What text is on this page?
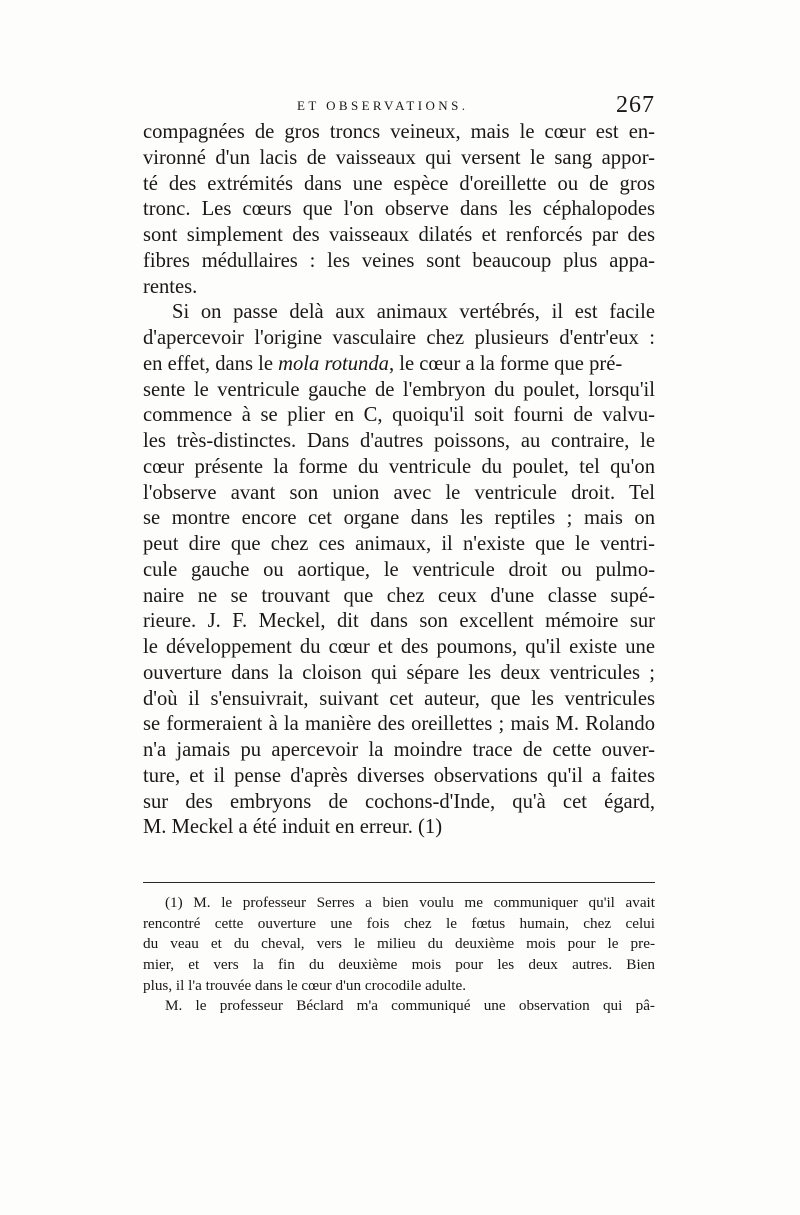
ET OBSERVATIONS.	267
compagnées de gros troncs veineux, mais le cœur est en-
vironné d'un lacis de vaisseaux qui versent le sang appor-
té des extrémités dans une espèce d'oreillette ou de gros
tronc. Les cœurs que l'on observe dans les céphalopodes
sont simplement des vaisseaux dilatés et renforcés par des
fibres médullaires : les veines sont beaucoup plus appa-
rentes.
Si on passe delà aux animaux vertébrés, il est facile
d'apercevoir l'origine vasculaire chez plusieurs d'entr'eux :
en effet, dans le mola rotunda, le cœur a la forme que pré-
sente le ventricule gauche de l'embryon du poulet, lorsqu'il
commence à se plier en C, quoiqu'il soit fourni de valvu-
les très-distinctes. Dans d'autres poissons, au contraire, le
cœur présente la forme du ventricule du poulet, tel qu'on
l'observe avant son union avec le ventricule droit. Tel
se montre encore cet organe dans les reptiles ; mais on
peut dire que chez ces animaux, il n'existe que le ventri-
cule gauche ou aortique, le ventricule droit ou pulmo-
naire ne se trouvant que chez ceux d'une classe supé-
rieure. J. F. Meckel, dit dans son excellent mémoire sur
le développement du cœur et des poumons, qu'il existe une
ouverture dans la cloison qui sépare les deux ventricules ;
d'où il s'ensuivrait, suivant cet auteur, que les ventricules
se formeraient à la manière des oreillettes ; mais M. Rolando
n'a jamais pu apercevoir la moindre trace de cette ouver-
ture, et il pense d'après diverses observations qu'il a faites
sur des embryons de cochons-d'Inde, qu'à cet égard,
M. Meckel a été induit en erreur. (1)
(1) M. le professeur Serres a bien voulu me communiquer qu'il avait
rencontré cette ouverture une fois chez le fœtus humain, chez celui
du veau et du cheval, vers le milieu du deuxième mois pour le pre-
mier, et vers la fin du deuxième mois pour les deux autres. Bien
plus, il l'a trouvée dans le cœur d'un crocodile adulte.
M. le professeur Béclard m'a communiqué une observation qui pâ-
